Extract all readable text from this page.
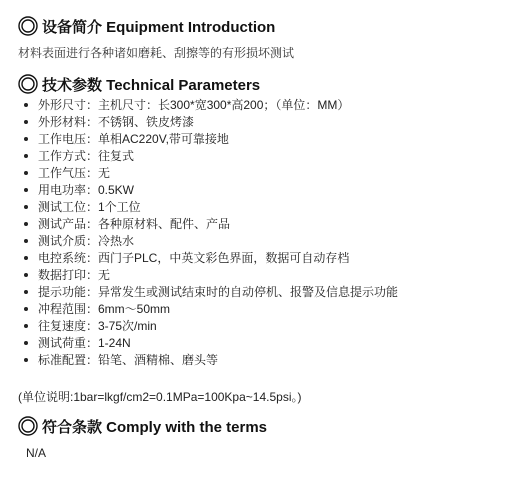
设备简介 Equipment Introduction
材料表面进行各种诸如磨耗、刮擦等的有形损坏测试
技术参数 Technical Parameters
外形尺寸：主机尺寸：长300*宽300*高200；（单位：MM）
外形材料：不锈钢、铁皮烤漆
工作电压：单相AC220V,带可靠接地
工作方式：往复式
工作气压：无
用电功率：0.5KW
测试工位：1个工位
测试产品：各种原材料、配件、产品
测试介质：冷热水
电控系统：西门子PLC，中英文彩色界面，数据可自动存档
数据打印：无
提示功能：异常发生或测试结束时的自动停机、报警及信息提示功能
冲程范围：6mm～50mm
往复速度：3-75次/min
测试荷重：1-24N
标准配置：铅笔、酒精棉、磨头等
(单位说明:1bar=lkgf/cm2=0.1MPa=100Kpa~14.5psi。)
符合条款 Comply with the terms
N/A
